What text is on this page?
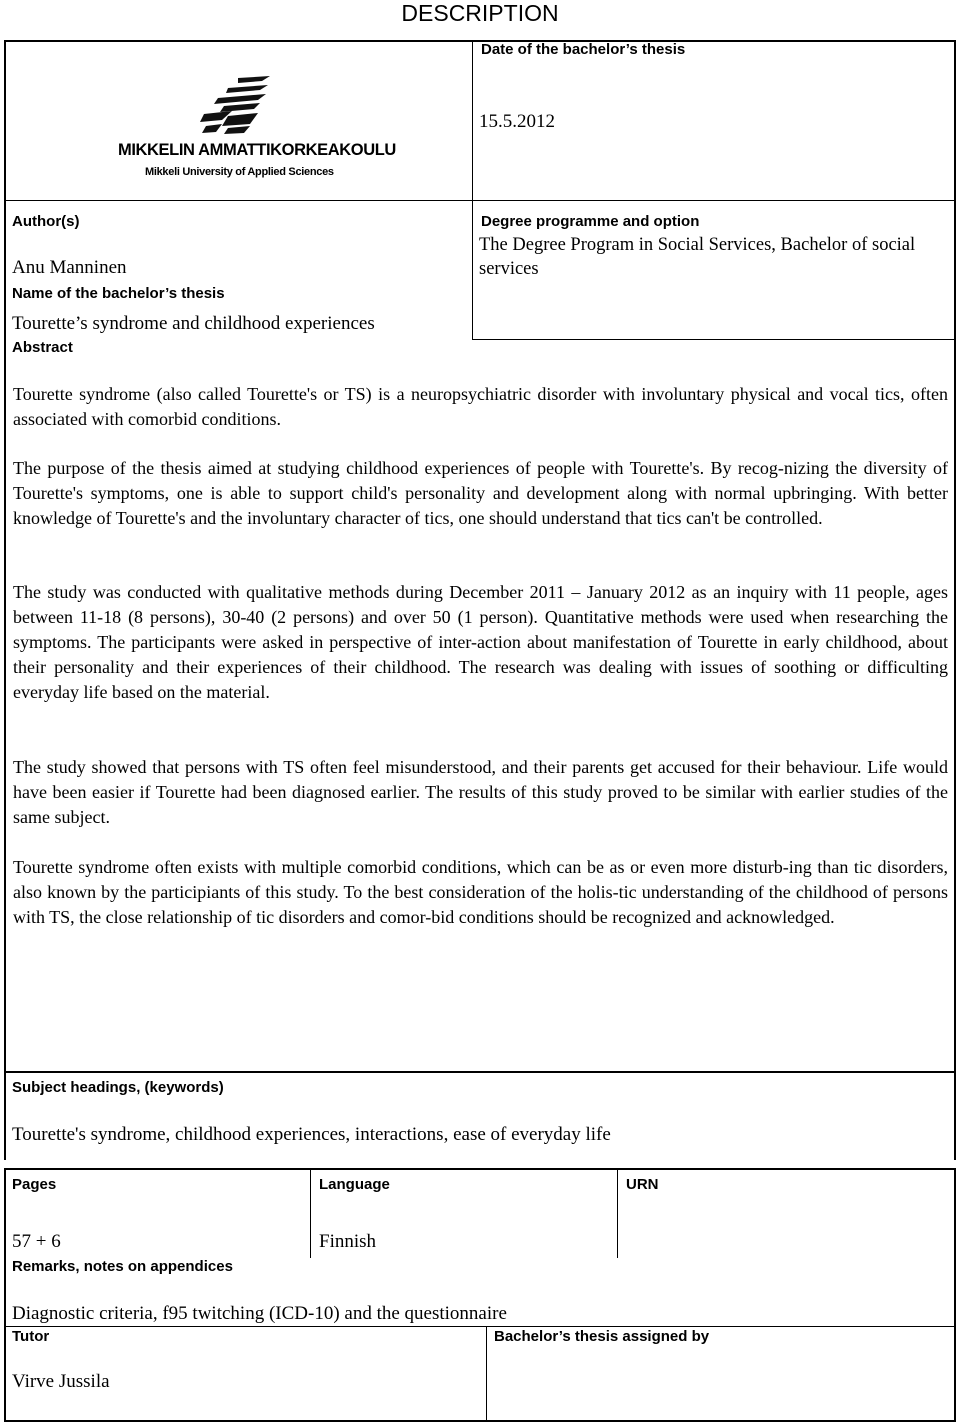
DESCRIPTION
MIKKELIN AMMATTIKORKEAKOULU
Mikkeli University of Applied Sciences
Date of the bachelor’s thesis
15.5.2012
Author(s)
Anu Manninen
Degree programme and option
The Degree Program in Social Services, Bachelor of social services
Name of the bachelor’s thesis
Tourette’s syndrome and childhood experiences
Abstract

Tourette syndrome (also called Tourette's or TS) is a neuropsychiatric disorder with involuntary physical and vocal tics, often associated with comorbid conditions.

The purpose of the thesis aimed at studying childhood experiences of people with Tourette's. By recog-nizing the diversity of Tourette's symptoms, one is able to support child's personality and development along with normal upbringing. With better knowledge of Tourette's and the involuntary character of tics, one should understand that tics can't be controlled.

The study was conducted with qualitative methods during December 2011 – January 2012 as an inquiry with 11 people, ages between 11-18 (8 persons), 30-40 (2 persons) and over 50 (1 person). Quantitative methods were used when researching the symptoms. The participants were asked in perspective of inter-action about manifestation of Tourette in early childhood, about their personality and their experiences of their childhood. The research was dealing with issues of soothing or difficulting everyday life based on the material.

The study showed that persons with TS often feel misunderstood, and their parents get accused for their behaviour. Life would have been easier if Tourette had been diagnosed earlier. The results of this study proved to be similar with earlier studies of the same subject.

Tourette syndrome often exists with multiple comorbid conditions, which can be as or even more disturb-ing than tic disorders, also known by the participiants of this study. To the best consideration of the holis-tic understanding of the childhood of persons with TS, the close relationship of tic disorders and comor-bid conditions should be recognized and acknowledged.

Subject headings, (keywords)
Tourette's syndrome, childhood experiences, interactions, ease of everyday life
Pages
57 + 6
Language
Finnish
URN
Remarks, notes on appendices
Diagnostic criteria, f95 twitching (ICD-10) and the questionnaire
Tutor
Virve Jussila
Bachelor’s thesis assigned by
